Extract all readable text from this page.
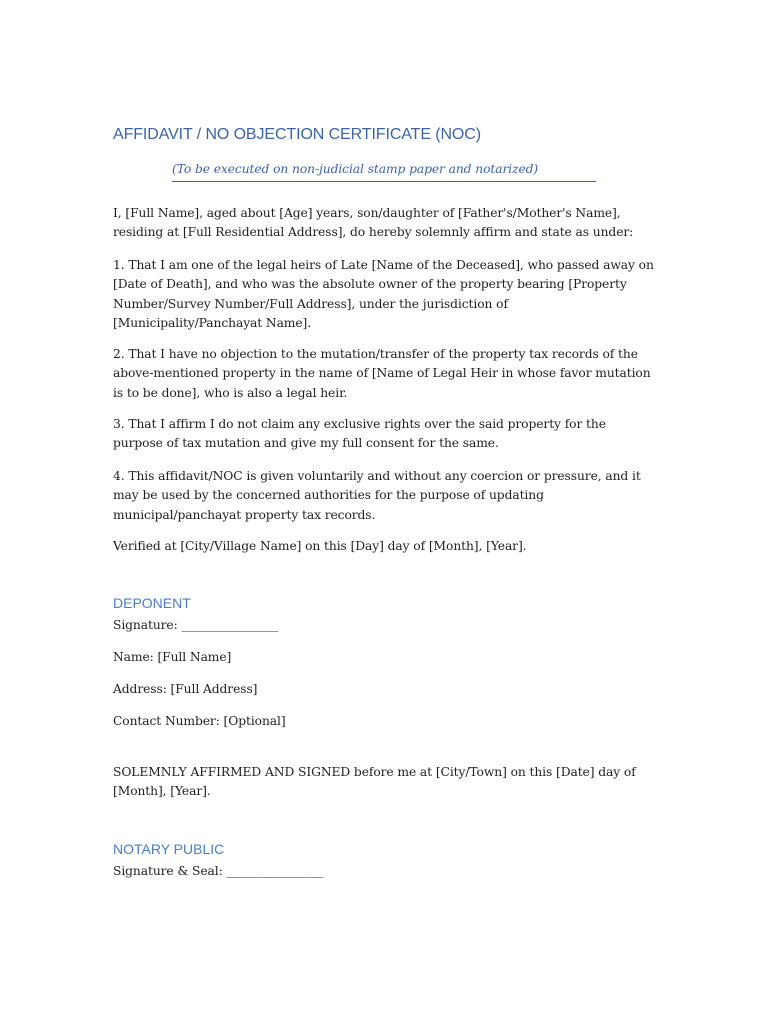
AFFIDAVIT / NO OBJECTION CERTIFICATE (NOC)
(To be executed on non-judicial stamp paper and notarized)
I, [Full Name], aged about [Age] years, son/daughter of [Father's/Mother's Name], residing at [Full Residential Address], do hereby solemnly affirm and state as under:
1. That I am one of the legal heirs of Late [Name of the Deceased], who passed away on [Date of Death], and who was the absolute owner of the property bearing [Property Number/Survey Number/Full Address], under the jurisdiction of [Municipality/Panchayat Name].
2. That I have no objection to the mutation/transfer of the property tax records of the above-mentioned property in the name of [Name of Legal Heir in whose favor mutation is to be done], who is also a legal heir.
3. That I affirm I do not claim any exclusive rights over the said property for the purpose of tax mutation and give my full consent for the same.
4. This affidavit/NOC is given voluntarily and without any coercion or pressure, and it may be used by the concerned authorities for the purpose of updating municipal/panchayat property tax records.
Verified at [City/Village Name] on this [Day] day of [Month], [Year].
DEPONENT
Signature: ________________
Name: [Full Name]
Address: [Full Address]
Contact Number: [Optional]
SOLEMNLY AFFIRMED AND SIGNED before me at [City/Town] on this [Date] day of [Month], [Year].
NOTARY PUBLIC
Signature & Seal: ________________
